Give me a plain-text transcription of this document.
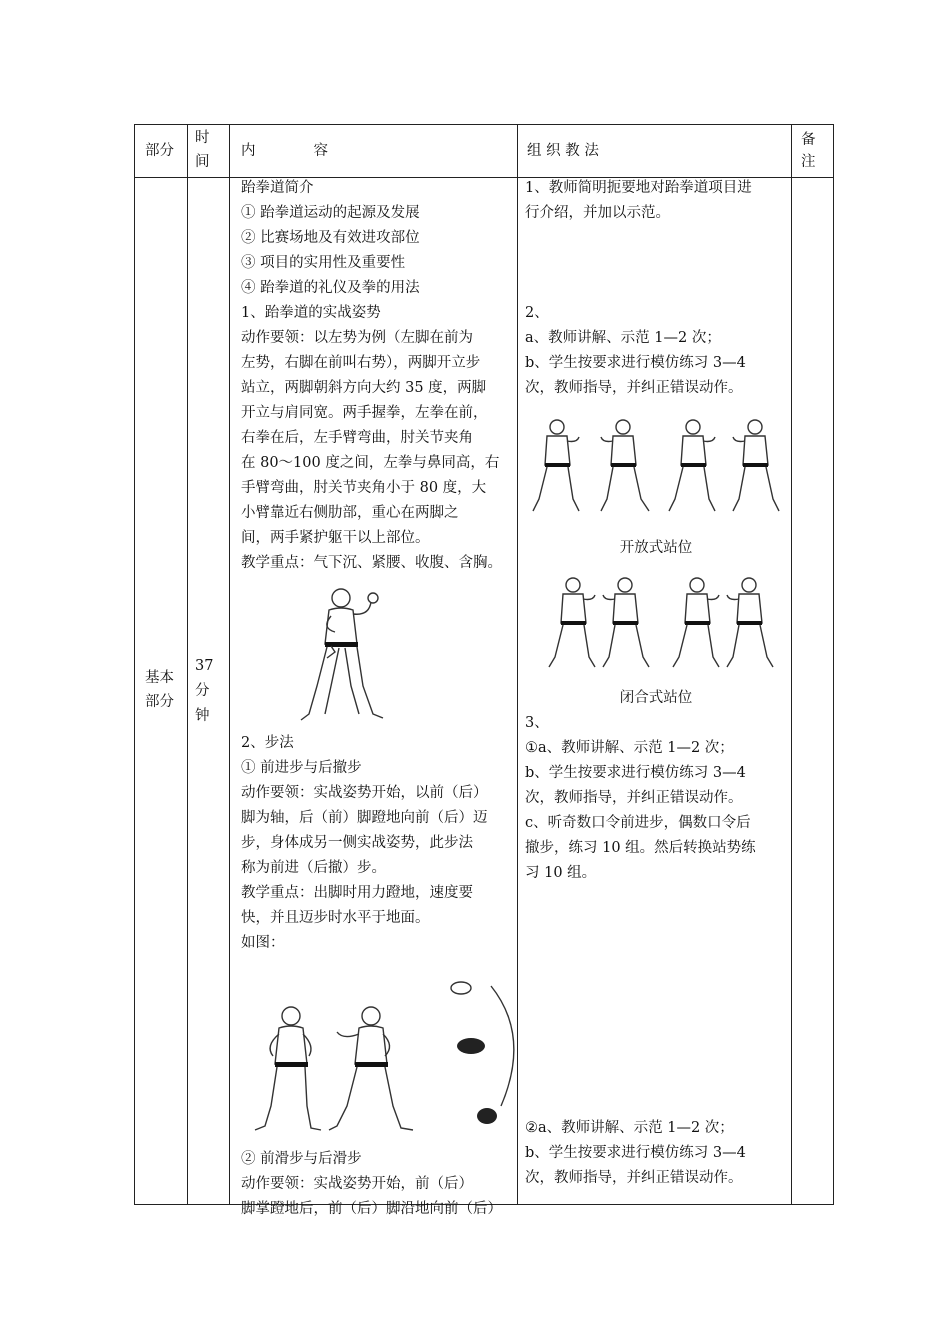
部分
时
间
内　　　　容	组 织 教 法
备
注
基本
部分
37
分
钟
跆拳道简介
① 跆拳道运动的起源及发展
② 比赛场地及有效进攻部位
③ 项目的实用性及重要性
④ 跆拳道的礼仪及拳的用法
1、跆拳道的实战姿势
动作要领：以左势为例（左脚在前为
左势，右脚在前叫右势），两脚开立步
站立，两脚朝斜方向大约 35 度，两脚
开立与肩同宽。两手握拳，左拳在前，
右拳在后，左手臂弯曲，肘关节夹角
在 80～100 度之间，左拳与鼻同高，右
手臂弯曲，肘关节夹角小于 80 度，大
小臂靠近右侧肋部，重心在两脚之
间，两手紧护躯干以上部位。
教学重点：气下沉、紧腰、收腹、含胸。
2、步法
① 前进步与后撤步
动作要领：实战姿势开始，以前（后）
脚为轴，后（前）脚蹬地向前（后）迈
步，身体成另一侧实战姿势，此步法
称为前进（后撤）步。
教学重点：出脚时用力蹬地，速度要
快，并且迈步时水平于地面。
如图：
② 前滑步与后滑步
动作要领：实战姿势开始，前（后）
脚掌蹬地后，前（后）脚沿地向前（后）
1、教师简明扼要地对跆拳道项目进
行介绍，并加以示范。
2、
a、教师讲解、示范 1—2 次；
b、学生按要求进行模仿练习 3—4
次，教师指导，并纠正错误动作。
开放式站位
闭合式站位
3、
①a、教师讲解、示范 1—2 次；
b、学生按要求进行模仿练习 3—4
次，教师指导，并纠正错误动作。
c、听奇数口令前进步，偶数口令后
撤步，练习 10 组。然后转换站势练
习 10 组。
②a、教师讲解、示范 1—2 次；
b、学生按要求进行模仿练习 3—4
次，教师指导，并纠正错误动作。
